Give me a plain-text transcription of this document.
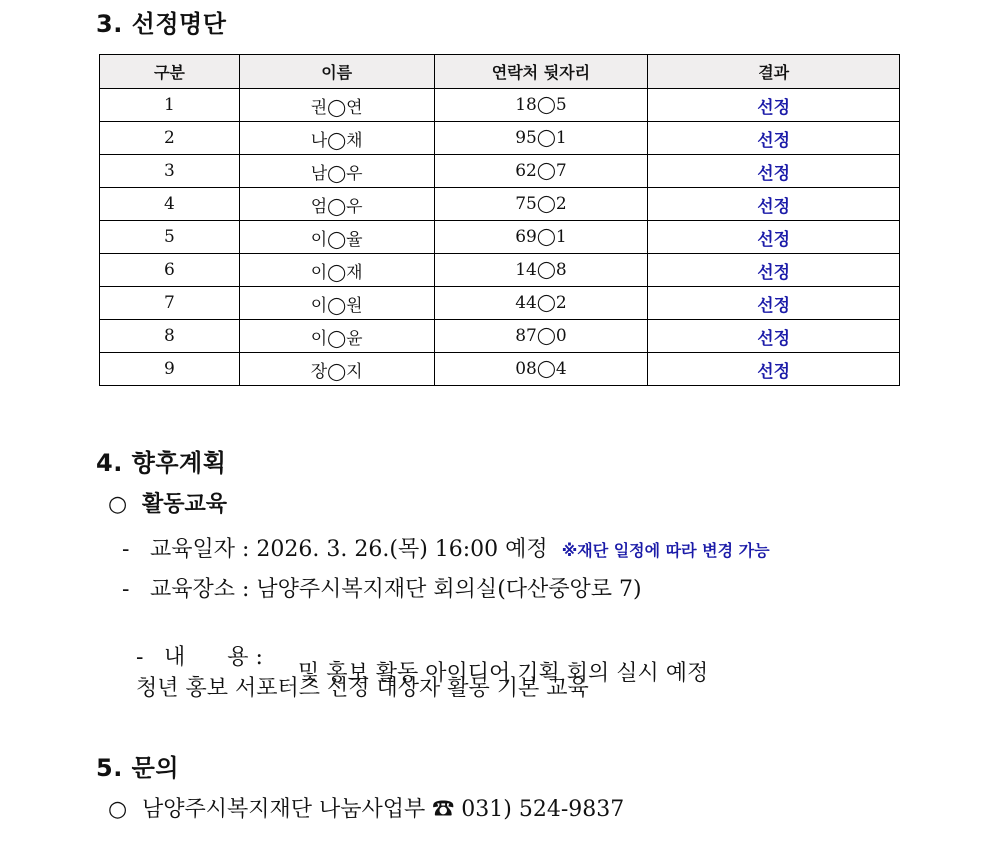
3. 선정명단
구분	이름	연락처 뒷자리	결과
1	권◯연	18◯5	선정
2	나◯채	95◯1	선정
3	남◯우	62◯7	선정
4	엄◯우	75◯2	선정
5	이◯율	69◯1	선정
6	이◯재	14◯8	선정
7	이◯원	44◯2	선정
8	이◯윤	87◯0	선정
9	장◯지	08◯4	선정
4. 향후계획
○ 활동교육
- 교육일자 : 2026. 3. 26.(목) 16:00 예정 ※재단 일정에 따라 변경 가능
- 교육장소 : 남양주시복지재단 회의실(다산중앙로 7)

- 내      용 :
청년 홍보 서포터즈 선정 대상자 활동 기본 교육

및 홍보 활동 아이디어 기획 회의 실시 예정
5. 문의
○ 남양주시복지재단 나눔사업부 ☎ 031) 524-9837
